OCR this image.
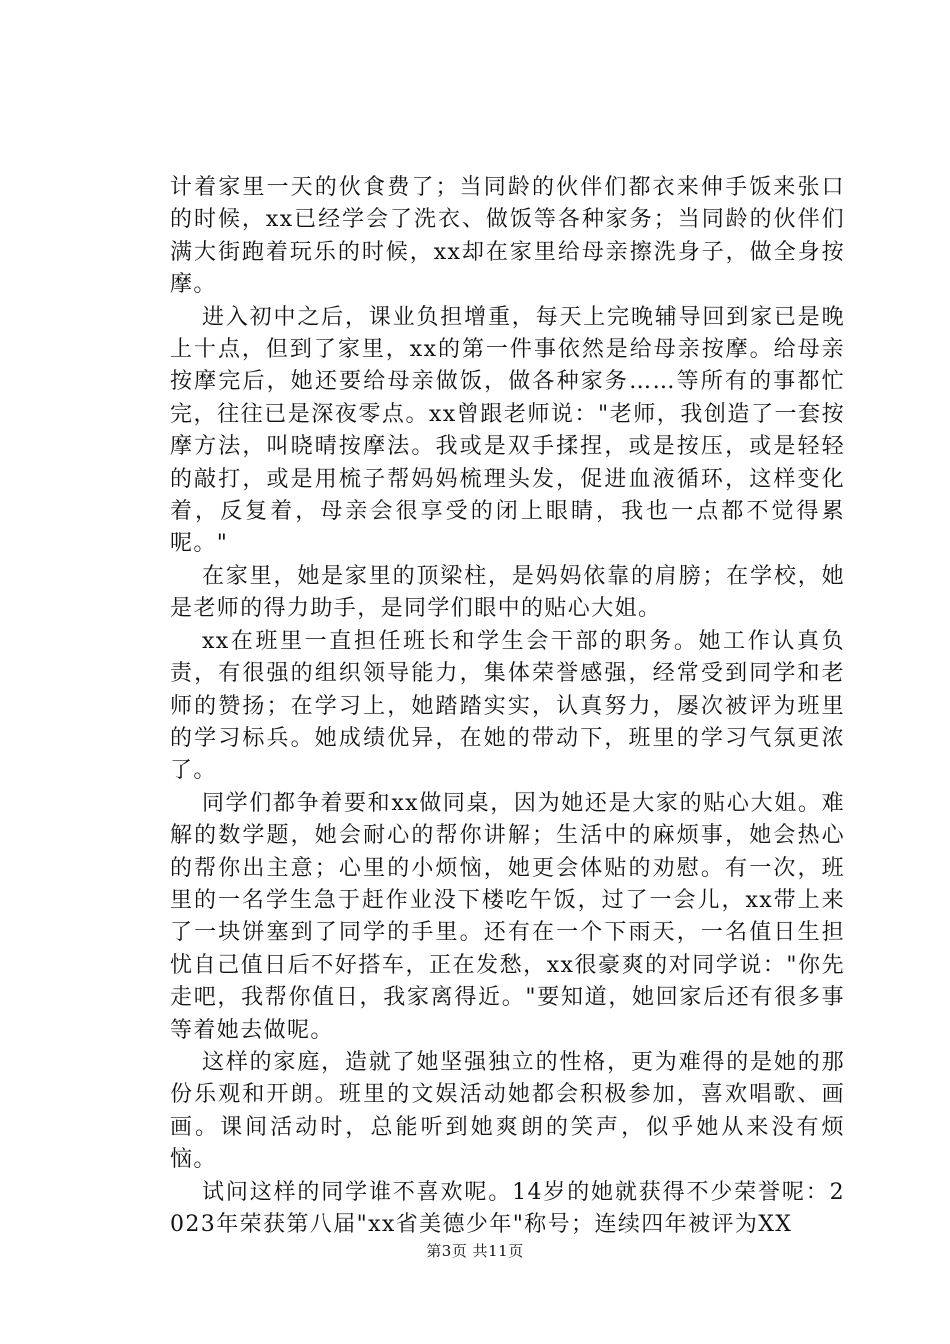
计着家里一天的伙食费了；当同龄的伙伴们都衣来伸手饭来张口的时候，xx已经学会了洗衣、做饭等各种家务；当同龄的伙伴们满大街跑着玩乐的时候，xx却在家里给母亲擦洗身子，做全身按摩。

进入初中之后，课业负担增重，每天上完晚辅导回到家已是晚上十点，但到了家里，xx的第一件事依然是给母亲按摩。给母亲按摩完后，她还要给母亲做饭，做各种家务……等所有的事都忙完，往往已是深夜零点。xx曾跟老师说："老师，我创造了一套按摩方法，叫晓晴按摩法。我或是双手揉捏，或是按压，或是轻轻的敲打，或是用梳子帮妈妈梳理头发，促进血液循环，这样变化着，反复着，母亲会很享受的闭上眼睛，我也一点都不觉得累呢。"

在家里，她是家里的顶梁柱，是妈妈依靠的肩膀；在学校，她是老师的得力助手，是同学们眼中的贴心大姐。

xx在班里一直担任班长和学生会干部的职务。她工作认真负责，有很强的组织领导能力，集体荣誉感强，经常受到同学和老师的赞扬；在学习上，她踏踏实实，认真努力，屡次被评为班里的学习标兵。她成绩优异，在她的带动下，班里的学习气氛更浓了。

同学们都争着要和xx做同桌，因为她还是大家的贴心大姐。难解的数学题，她会耐心的帮你讲解；生活中的麻烦事，她会热心的帮你出主意；心里的小烦恼，她更会体贴的劝慰。有一次，班里的一名学生急于赶作业没下楼吃午饭，过了一会儿，xx带上来了一块饼塞到了同学的手里。还有在一个下雨天，一名值日生担忧自己值日后不好搭车，正在发愁，xx很豪爽的对同学说："你先走吧，我帮你值日，我家离得近。"要知道，她回家后还有很多事等着她去做呢。

这样的家庭，造就了她坚强独立的性格，更为难得的是她的那份乐观和开朗。班里的文娱活动她都会积极参加，喜欢唱歌、画画。课间活动时，总能听到她爽朗的笑声，似乎她从来没有烦恼。

试问这样的同学谁不喜欢呢。14岁的她就获得不少荣誉呢：2023年荣获第八届"xx省美德少年"称号；连续四年被评为XX

第3页 共11页
